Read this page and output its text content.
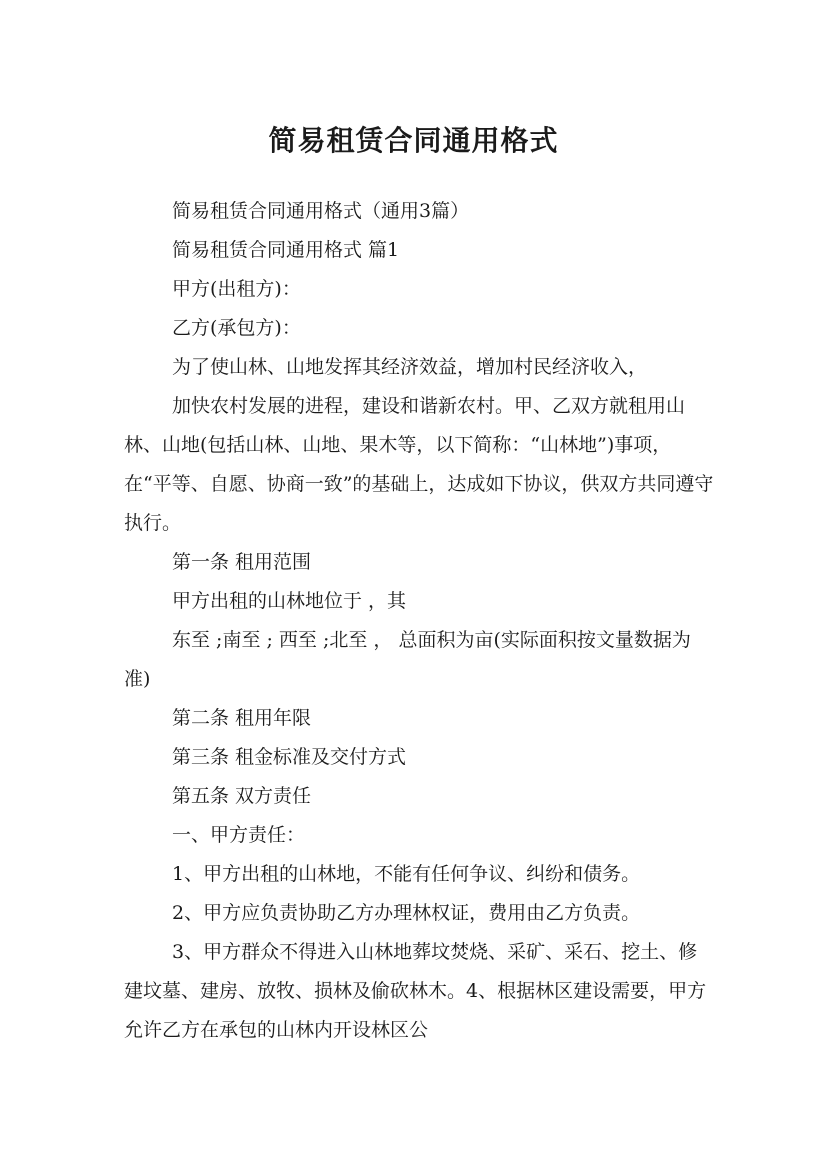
简易租赁合同通用格式

简易租赁合同通用格式（通用3篇）

简易租赁合同通用格式 篇1

甲方(出租方)：

乙方(承包方)：

为了使山林、山地发挥其经济效益，增加村民经济收入，

加快农村发展的进程，建设和谐新农村。甲、乙双方就租用山林、山地(包括山林、山地、果木等，以下简称：“山林地”)事项，在“平等、自愿、协商一致”的基础上，达成如下协议，供双方共同遵守执行。

第一条 租用范围

甲方出租的山林地位于 ，其

东至 ;南至 ; 西至 ;北至 ， 总面积为亩(实际面积按文量数据为准)

第二条 租用年限

第三条 租金标准及交付方式

第五条 双方责任

一、甲方责任：

1、甲方出租的山林地，不能有任何争议、纠纷和债务。

2、甲方应负责协助乙方办理林权证，费用由乙方负责。

3、甲方群众不得进入山林地葬坟焚烧、采矿、采石、挖土、修建坟墓、建房、放牧、损林及偷砍林木。4、根据林区建设需要，甲方允许乙方在承包的山林内开设林区公
